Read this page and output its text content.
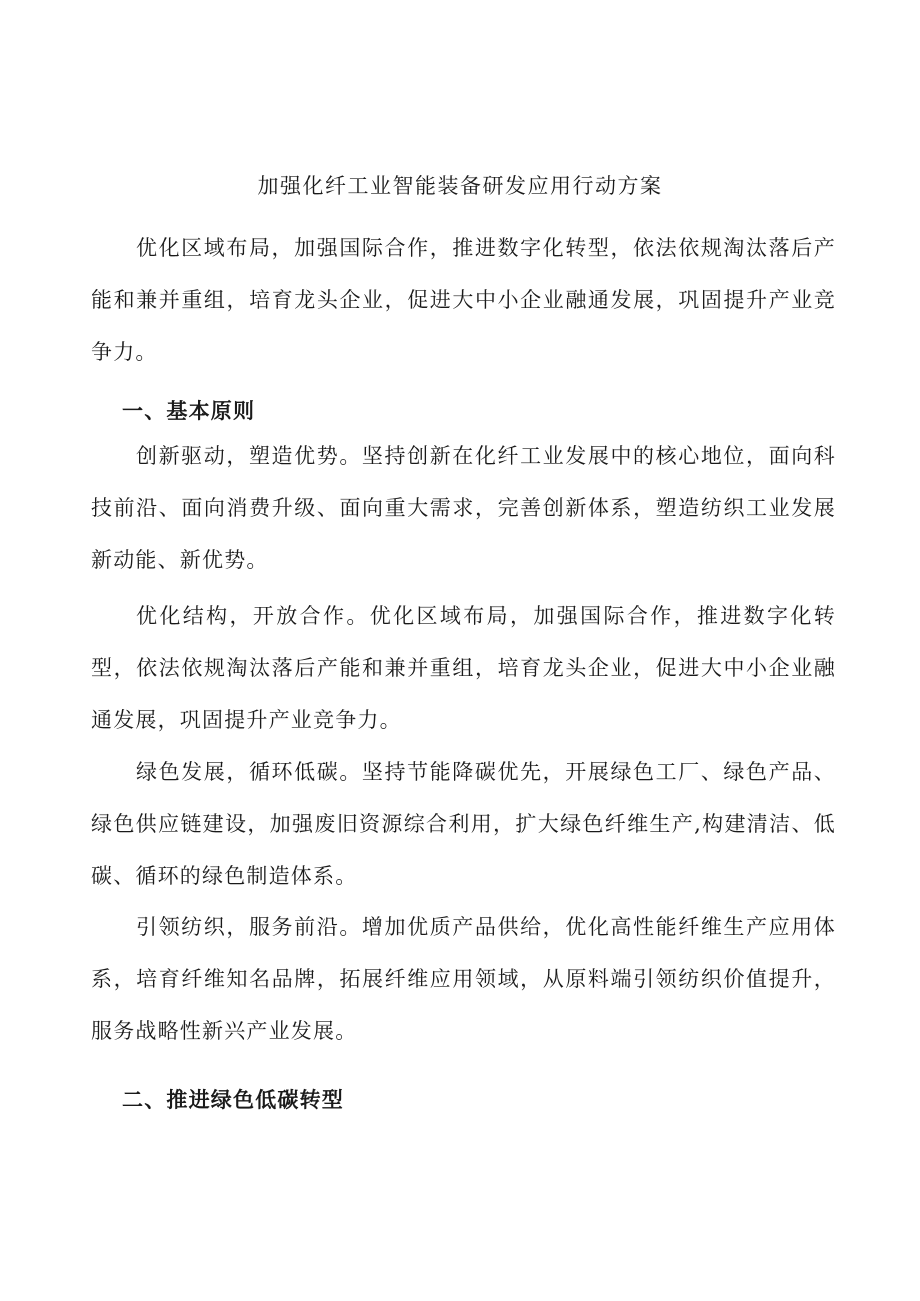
加强化纤工业智能装备研发应用行动方案

优化区域布局，加强国际合作，推进数字化转型，依法依规淘汰落后产能和兼并重组，培育龙头企业，促进大中小企业融通发展，巩固提升产业竞争力。

一、基本原则

创新驱动，塑造优势。坚持创新在化纤工业发展中的核心地位，面向科技前沿、面向消费升级、面向重大需求，完善创新体系，塑造纺织工业发展新动能、新优势。

优化结构，开放合作。优化区域布局，加强国际合作，推进数字化转型，依法依规淘汰落后产能和兼并重组，培育龙头企业，促进大中小企业融通发展，巩固提升产业竞争力。

绿色发展，循环低碳。坚持节能降碳优先，开展绿色工厂、绿色产品、绿色供应链建设，加强废旧资源综合利用，扩大绿色纤维生产,构建清洁、低碳、循环的绿色制造体系。

引领纺织，服务前沿。增加优质产品供给，优化高性能纤维生产应用体系，培育纤维知名品牌，拓展纤维应用领域，从原料端引领纺织价值提升，服务战略性新兴产业发展。

二、推进绿色低碳转型
